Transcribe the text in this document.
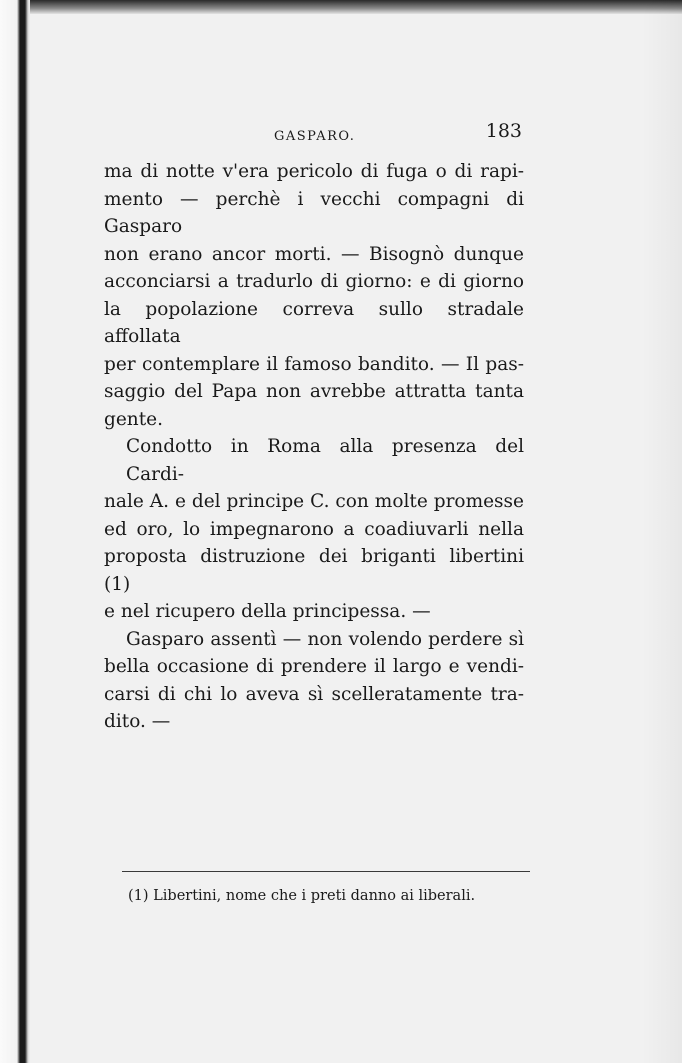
GASPARO.	183
ma di notte v'era pericolo di fuga o di rapi-
mento — perchè i vecchi compagni di Gasparo
non erano ancor morti. — Bisognò dunque
acconciarsi a tradurlo di giorno: e di giorno
la popolazione correva sullo stradale affollata
per contemplare il famoso bandito. — Il pas-
saggio del Papa non avrebbe attratta tanta
gente.
Condotto in Roma alla presenza del Cardi-
nale A. e del principe C. con molte promesse
ed oro, lo impegnarono a coadiuvarli nella
proposta distruzione dei briganti libertini (1)
e nel ricupero della principessa. —
Gasparo assentì — non volendo perdere sì
bella occasione di prendere il largo e vendi-
carsi di chi lo aveva sì scelleratamente tra-
dito. —
(1) Libertini, nome che i preti danno ai liberali.
